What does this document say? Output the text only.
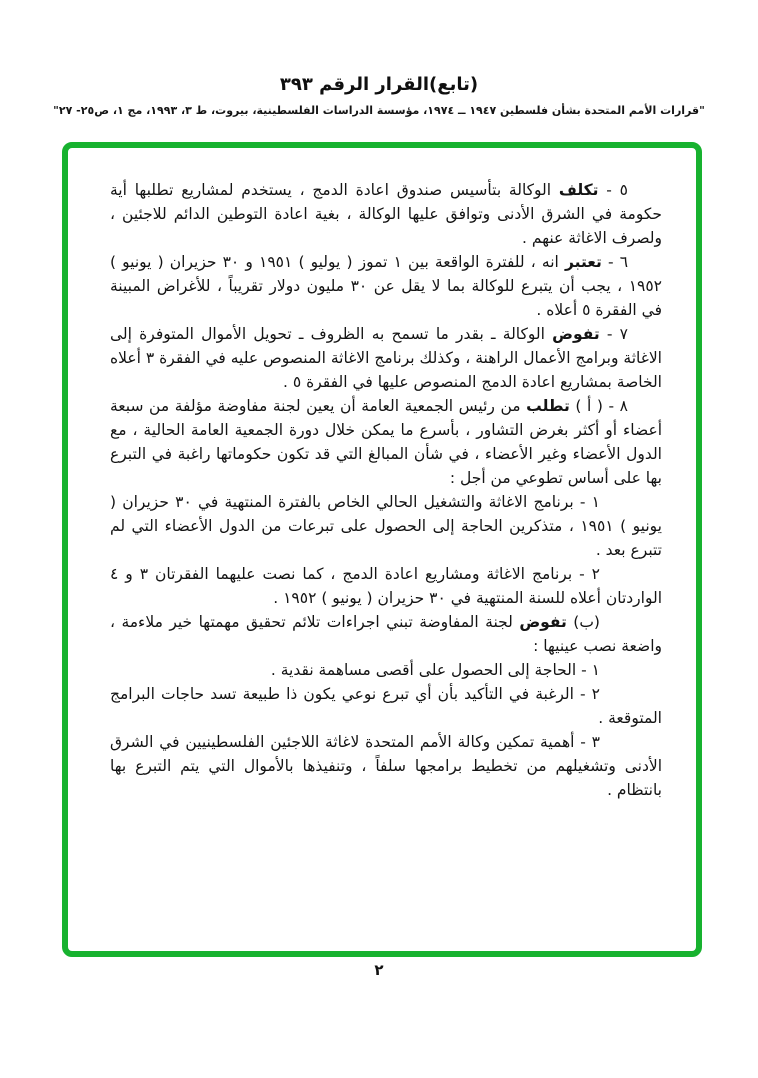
(تابع)القرار الرقم ٣٩٣
"قرارات الأمم المتحدة بشأن فلسطين ١٩٤٧ ــ ١٩٧٤، مؤسسة الدراسات الفلسطينية، بيروت، ط ٣، ١٩٩٣، مج ١، ص٢٥- ٢٧"

٥ - تكلف الوكالة بتأسيس صندوق اعادة الدمج ، يستخدم لمشاريع تطلبها أية حكومة في الشرق الأدنى وتوافق عليها الوكالة ، بغية اعادة التوطين الدائم للاجئين ، ولصرف الاغاثة عنهم .

٦ - تعتبر انه ، للفترة الواقعة بين ١ تموز ( يوليو ) ١٩٥١ و ٣٠ حزيران ( يونيو ) ١٩٥٢ ، يجب أن يتبرع للوكالة بما لا يقل عن ٣٠ مليون دولار تقريباً ، للأغراض المبينة في الفقرة ٥ أعلاه .

٧ - تفوض الوكالة ـ بقدر ما تسمح به الظروف ـ تحويل الأموال المتوفرة إلى الاغاثة وبرامج الأعمال الراهنة ، وكذلك برنامج الاغاثة المنصوص عليه في الفقرة ٣ أعلاه الخاصة بمشاريع اعادة الدمج المنصوص عليها في الفقرة ٥ .

٨ - ( أ ) تطلب من رئيس الجمعية العامة أن يعين لجنة مفاوضة مؤلفة من سبعة أعضاء أو أكثر بغرض التشاور ، بأسرع ما يمكن خلال دورة الجمعية العامة الحالية ، مع الدول الأعضاء وغير الأعضاء ، في شأن المبالغ التي قد تكون حكوماتها راغبة في التبرع بها على أساس تطوعي من أجل :

١ - برنامج الاغاثة والتشغيل الحالي الخاص بالفترة المنتهية في ٣٠ حزيران ( يونيو ) ١٩٥١ ، متذكرين الحاجة إلى الحصول على تبرعات من الدول الأعضاء التي لم تتبرع بعد .

٢ - برنامج الاغاثة ومشاريع اعادة الدمج ، كما نصت عليهما الفقرتان ٣ و ٤ الواردتان أعلاه للسنة المنتهية في ٣٠ حزيران ( يونيو ) ١٩٥٢ .

(ب) تفوض لجنة المفاوضة تبني اجراءات تلائم تحقيق مهمتها خير ملاءمة ، واضعة نصب عينيها :

١ - الحاجة إلى الحصول على أقصى مساهمة نقدية .

٢ - الرغبة في التأكيد بأن أي تبرع نوعي يكون ذا طبيعة تسد حاجات البرامج المتوقعة .

٣ - أهمية تمكين وكالة الأمم المتحدة لاغاثة اللاجئين الفلسطينيين في الشرق الأدنى وتشغيلهم من تخطيط برامجها سلفاً ، وتنفيذها بالأموال التي يتم التبرع بها بانتظام .

٢
